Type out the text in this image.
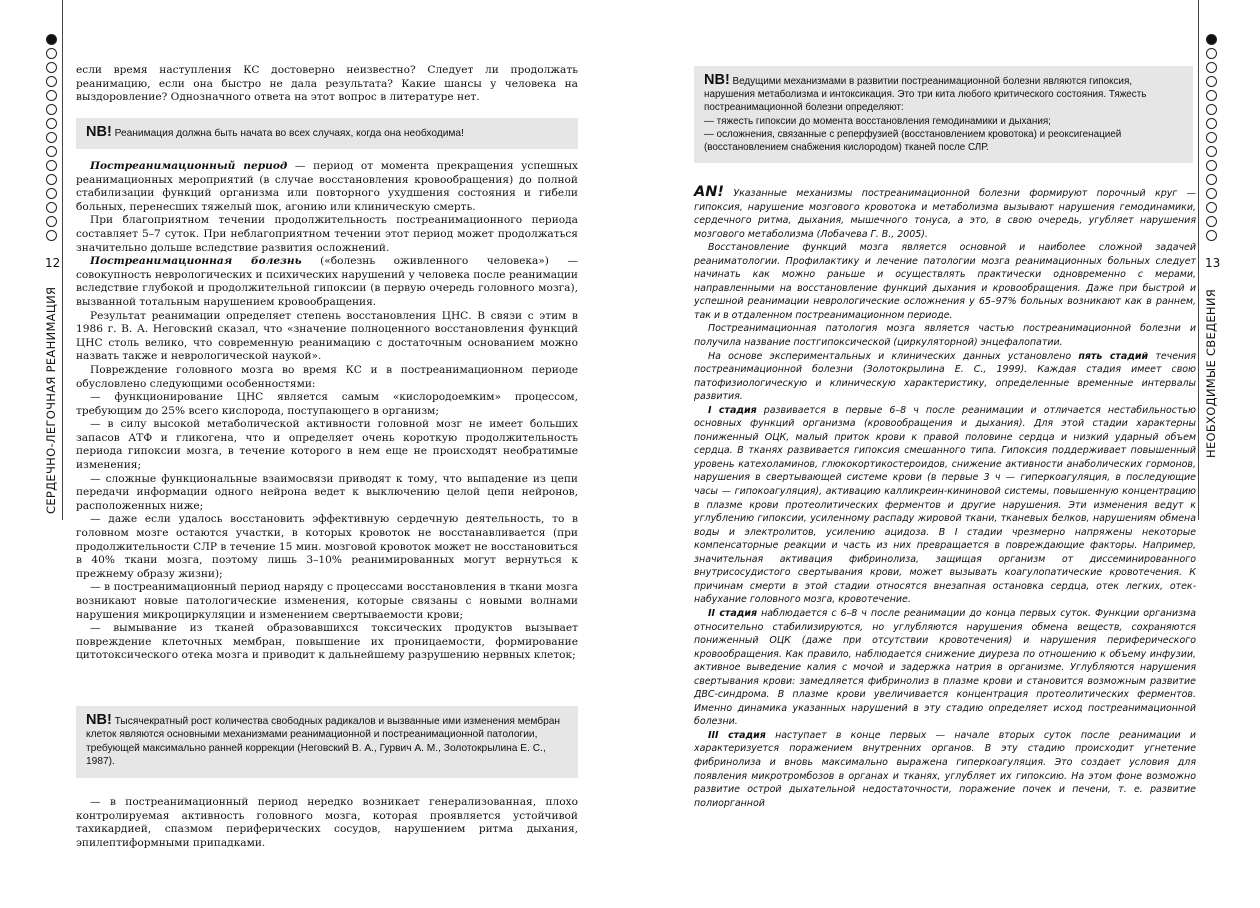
12
СЕРДЕЧНО-ЛЕГОЧНАЯ РЕАНИМАЦИЯ

если время наступления КС достоверно неизвестно? Следует ли продолжать реанимацию, если она быстро не дала результата? Какие шансы у человека на выздоровление? Однозначного ответа на этот вопрос в литературе нет.

NB! Реанимация должна быть начата во всех случаях, когда она необходима!

Постреанимационный период — период от момента прекращения успешных реанимационных мероприятий (в случае восстановления кровообращения) до полной стабилизации функций организма или повторного ухудшения состояния и гибели больных, перенесших тяжелый шок, агонию или клиническую смерть.

При благоприятном течении продолжительность постреанимационного периода составляет 5–7 суток. При неблагоприятном течении этот период может продолжаться значительно дольше вследствие развития осложнений.

Постреанимационная болезнь («болезнь оживленного человека») — совокупность неврологических и психических нарушений у человека после реанимации вследствие глубокой и продолжительной гипоксии (в первую очередь головного мозга), вызванной тотальным нарушением кровообращения.

Результат реанимации определяет степень восстановления ЦНС. В связи с этим в 1986 г. В. А. Неговский сказал, что «значение полноценного восстановления функций ЦНС столь велико, что современную реанимацию с достаточным основанием можно назвать также и неврологической наукой».

Повреждение головного мозга во время КС и в постреанимационном периоде обусловлено следующими особенностями:

— функционирование ЦНС является самым «кислородоемким» процессом, требующим до 25% всего кислорода, поступающего в организм;

— в силу высокой метаболической активности головной мозг не имеет больших запасов АТФ и гликогена, что и определяет очень короткую продолжительность периода гипоксии мозга, в течение которого в нем еще не происходят необратимые изменения;

— сложные функциональные взаимосвязи приводят к тому, что выпадение из цепи передачи информации одного нейрона ведет к выключению целой цепи нейронов, расположенных ниже;

— даже если удалось восстановить эффективную сердечную деятельность, то в головном мозге остаются участки, в которых кровоток не восстанавливается (при продолжительности СЛР в течение 15 мин. мозговой кровоток может не восстановиться в 40% ткани мозга, поэтому лишь 3–10% реанимированных могут вернуться к прежнему образу жизни);

— в постреанимационный период наряду с процессами восстановления в ткани мозга возникают новые патологические изменения, которые связаны с новыми волнами нарушения микроциркуляции и изменением свертываемости крови;

— вымывание из тканей образовавшихся токсических продуктов вызывает повреждение клеточных мембран, повышение их проницаемости, формирование цитотоксического отека мозга и приводит к дальнейшему разрушению нервных клеток;

NB! Тысячекратный рост количества свободных радикалов и вызванные ими изменения мембран клеток являются основными механизмами реанимационной и постреанимационной патологии, требующей максимально ранней коррекции (Неговский В. А., Гурвич А. М., Золотокрылина Е. С., 1987).

— в постреанимационный период нередко возникает генерализованная, плохо контролируемая активность головного мозга, которая проявляется устойчивой тахикардией, спазмом периферических сосудов, нарушением ритма дыхания, эпилептиформными припадками.

13
НЕОБХОДИМЫЕ СВЕДЕНИЯ
NB! Ведущими механизмами в развитии постреанимационной болезни являются гипоксия, нарушения метаболизма и интоксикация. Это три кита любого критического состояния. Тяжесть постреанимационной болезни определяют:
— тяжесть гипоксии до момента восстановления гемодинамики и дыхания;
— осложнения, связанные с реперфузией (восстановлением кровотока) и реоксигенацией (восстановлением снабжения кислородом) тканей после СЛР.

AN! Указанные механизмы постреанимационной болезни формируют порочный круг — гипоксия, нарушение мозгового кровотока и метаболизма вызывают нарушения гемодинамики, сердечного ритма, дыхания, мышечного тонуса, а это, в свою очередь, угубляет нарушения мозгового метаболизма (Лобачева Г. В., 2005).

Восстановление функций мозга является основной и наиболее сложной задачей реаниматологии. Профилактику и лечение патологии мозга реанимационных больных следует начинать как можно раньше и осуществлять практически одновременно с мерами, направленными на восстановление функций дыхания и кровообращения. Даже при быстрой и успешной реанимации неврологические осложнения у 65–97% больных возникают как в раннем, так и в отдаленном постреанимационном периоде.

Постреанимационная патология мозга является частью постреанимационной болезни и получила название постгипоксической (циркуляторной) энцефалопатии.

На основе экспериментальных и клинических данных установлено пять стадий течения постреанимационной болезни (Золотокрылина Е. С., 1999). Каждая стадия имеет свою патофизиологическую и клиническую характеристику, определенные временные интервалы развития.

I стадия развивается в первые 6–8 ч после реанимации и отличается нестабильностью основных функций организма (кровообращения и дыхания). Для этой стадии характерны пониженный ОЦК, малый приток крови к правой половине сердца и низкий ударный объем сердца. В тканях развивается гипоксия смешанного типа. Гипоксия поддерживает повышенный уровень катехоламинов, глюкокортикостероидов, снижение активности анаболических гормонов, нарушения в свертывающей системе крови (в первые 3 ч — гиперкоагуляция, в последующие часы — гипокоагуляция), активацию калликреин-кининовой системы, повышенную концентрацию в плазме крови протеолитических ферментов и другие нарушения. Эти изменения ведут к углублению гипоксии, усиленному распаду жировой ткани, тканевых белков, нарушениям обмена воды и электролитов, усилению ацидоза. В I стадии чрезмерно напряжены некоторые компенсаторные реакции и часть из них превращается в повреждающие факторы. Например, значительная активация фибринолиза, защищая организм от диссеминированного внутрисосудистого свертывания крови, может вызывать коагулопатические кровотечения. К причинам смерти в этой стадии относятся внезапная остановка сердца, отек легких, отек-набухание головного мозга, кровотечение.

II стадия наблюдается с 6–8 ч после реанимации до конца первых суток. Функции организма относительно стабилизируются, но углубляются нарушения обмена веществ, сохраняются пониженный ОЦК (даже при отсутствии кровотечения) и нарушения периферического кровообращения. Как правило, наблюдается снижение диуреза по отношению к объему инфузии, активное выведение калия с мочой и задержка натрия в организме. Углубляются нарушения свертывания крови: замедляется фибринолиз в плазме крови и становится возможным развитие ДВС-синдрома. В плазме крови увеличивается концентрация протеолитических ферментов. Именно динамика указанных нарушений в эту стадию определяет исход постреанимационной болезни.

III стадия наступает в конце первых — начале вторых суток после реанимации и характеризуется поражением внутренних органов. В эту стадию происходит угнетение фибринолиза и вновь максимально выражена гиперкоагуляция. Это создает условия для появления микротромбозов в органах и тканях, углубляет их гипоксию. На этом фоне возможно развитие острой дыхательной недостаточности, поражение почек и печени, т. е. развитие полиорганной
